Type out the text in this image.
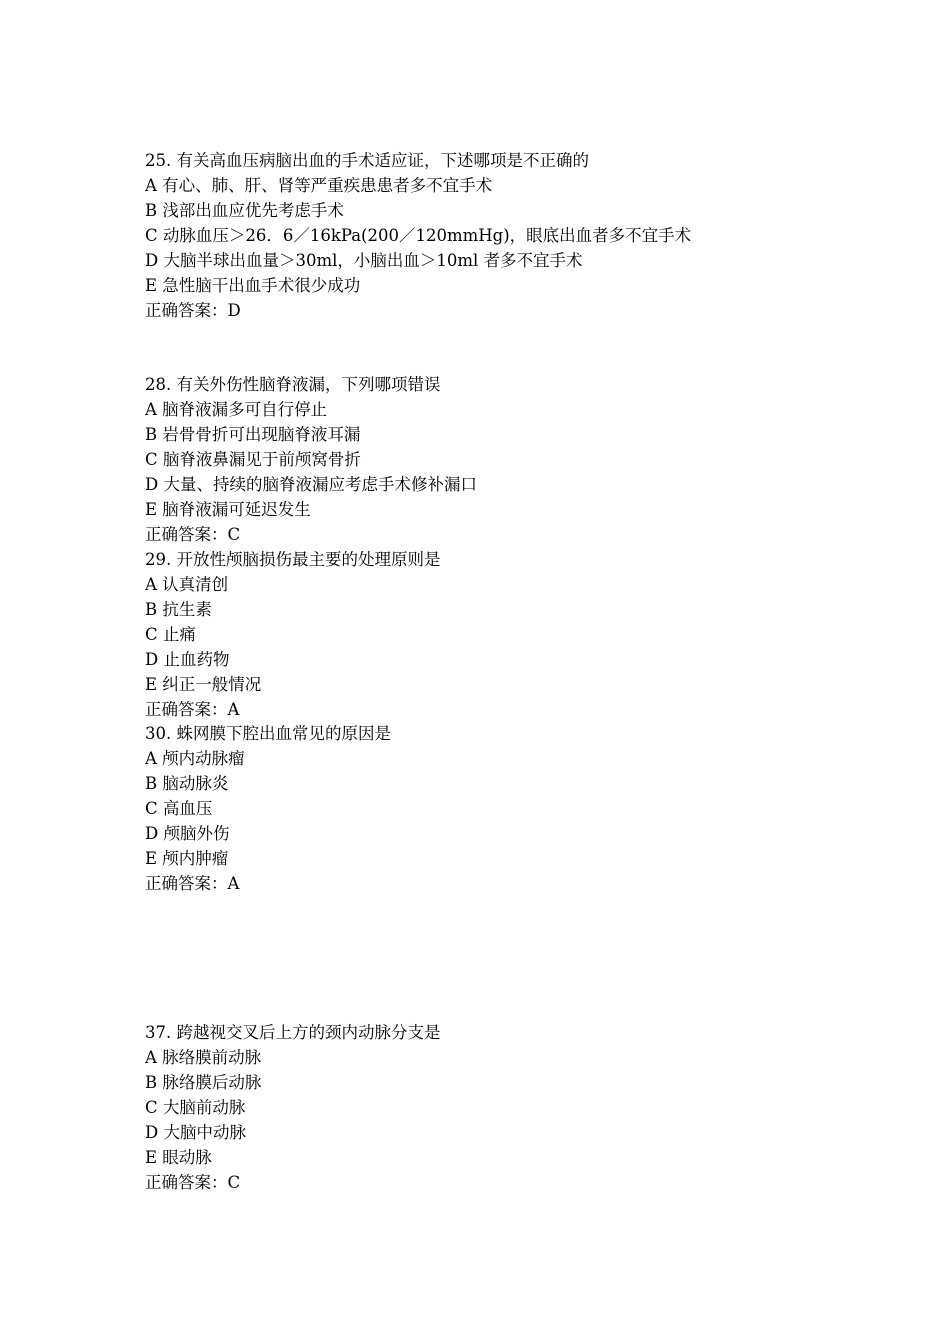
25. 有关高血压病脑出血的手术适应证，下述哪项是不正确的
A 有心、肺、肝、肾等严重疾患患者多不宜手术
B 浅部出血应优先考虑手术
C 动脉血压＞26．6／16kPa(200／120mmHg)，眼底出血者多不宜手术
D 大脑半球出血量＞30ml，小脑出血＞10ml 者多不宜手术
E 急性脑干出血手术很少成功
正确答案：D
28. 有关外伤性脑脊液漏，下列哪项错误
A 脑脊液漏多可自行停止
B 岩骨骨折可出现脑脊液耳漏
C 脑脊液鼻漏见于前颅窝骨折
D 大量、持续的脑脊液漏应考虑手术修补漏口
E 脑脊液漏可延迟发生
正确答案：C
29. 开放性颅脑损伤最主要的处理原则是
A 认真清创
B 抗生素
C 止痛
D 止血药物
E 纠正一般情况
正确答案：A
30. 蛛网膜下腔出血常见的原因是
A 颅内动脉瘤
B 脑动脉炎
C 高血压
D 颅脑外伤
E 颅内肿瘤
正确答案：A
37. 跨越视交叉后上方的颈内动脉分支是
A 脉络膜前动脉
B 脉络膜后动脉
C 大脑前动脉
D 大脑中动脉
E 眼动脉
正确答案：C
